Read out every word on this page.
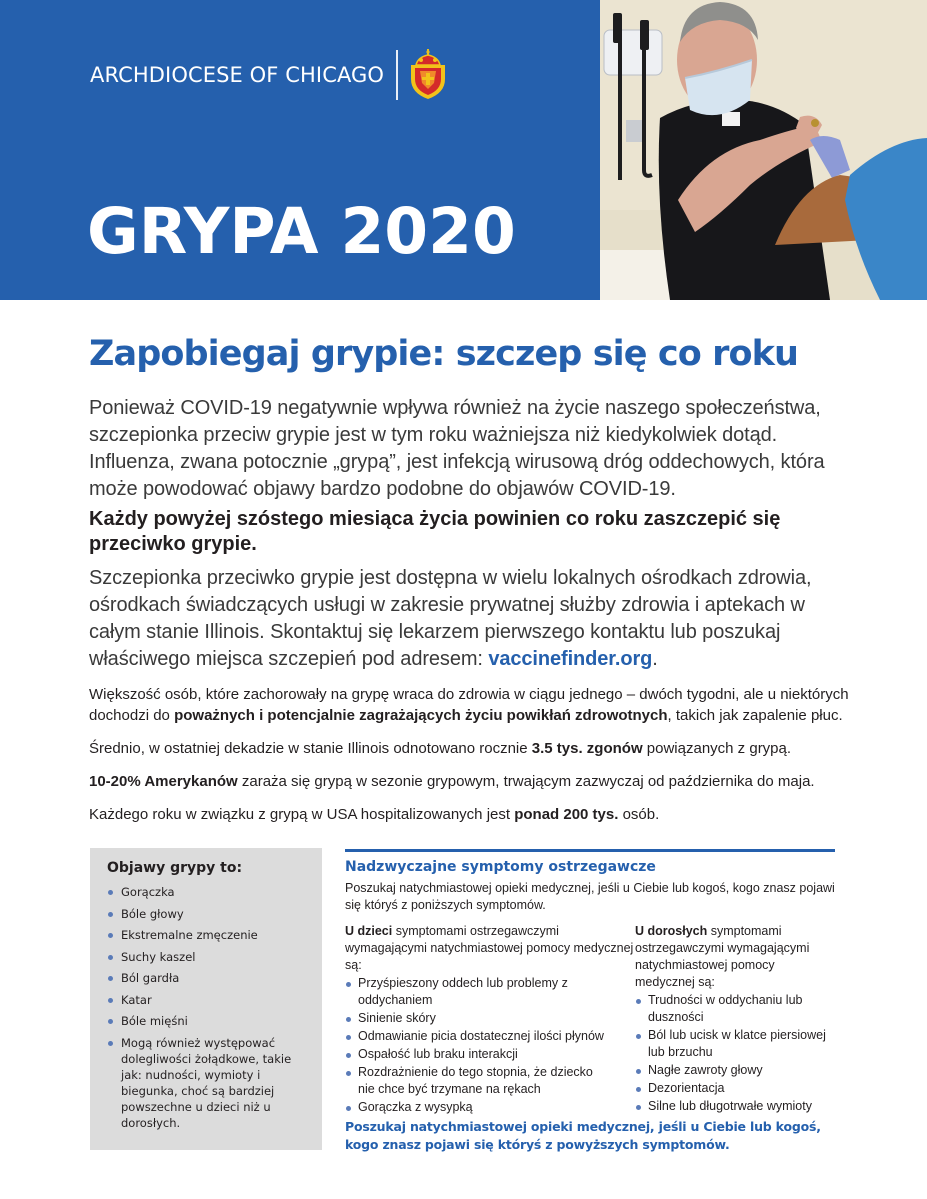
ARCHDIOCESE OF CHICAGO
GRYPA 2020
Zapobiegaj grypie: szczep się co roku

Ponieważ COVID-19 negatywnie wpływa również na życie naszego społeczeństwa, szczepionka przeciw grypie jest w tym roku ważniejsza niż kiedykolwiek dotąd. Influenza, zwana potocznie „grypą”, jest infekcją wirusową dróg oddechowych, która może powodować objawy bardzo podobne do objawów COVID-19.

Każdy powyżej szóstego miesiąca życia powinien co roku zaszczepić się przeciwko grypie.

Szczepionka przeciwko grypie jest dostępna w wielu lokalnych ośrodkach zdrowia, ośrodkach świadczących usługi w zakresie prywatnej służby zdrowia i aptekach w całym stanie Illinois. Skontaktuj się lekarzem pierwszego kontaktu lub poszukaj właściwego miejsca szczepień pod adresem: vaccinefinder.org.

Większość osób, które zachorowały na grypę wraca do zdrowia w ciągu jednego – dwóch tygodni, ale u niektórych dochodzi do poważnych i potencjalnie zagrażających życiu powikłań zdrowotnych, takich jak zapalenie płuc.

Średnio, w ostatniej dekadzie w stanie Illinois odnotowano rocznie 3.5 tys. zgonów powiązanych z grypą.

10-20% Amerykanów zaraża się grypą w sezonie grypowym, trwającym zazwyczaj od października do maja.

Każdego roku w związku z grypą w USA hospitalizowanych jest ponad 200 tys. osób.

Objawy grypy to:
Gorączka
Bóle głowy
Ekstremalne zmęczenie
Suchy kaszel
Ból gardła
Katar
Bóle mięśni
Mogą również występować dolegliwości żołądkowe, takie jak: nudności, wymioty i biegunka, choć są bardziej powszechne u dzieci niż u dorosłych.
Nadzwyczajne symptomy ostrzegawcze

Poszukaj natychmiastowej opieki medycznej, jeśli u Ciebie lub kogoś, kogo znasz pojawi się któryś z poniższych symptomów.

U dzieci symptomami ostrzegawczymi wymagającymi natychmiastowej pomocy medycznej są:

Przyśpieszony oddech lub problemy z oddychaniem
Sinienie skóry
Odmawianie picia dostatecznej ilości płynów
Ospałość lub braku interakcji
Rozdrażnienie do tego stopnia, że dziecko nie chce być trzymane na rękach
Gorączka z wysypką

U dorosłych symptomami ostrzegawczymi wymagającymi natychmiastowej pomocy medycznej są:

Trudności w oddychaniu lub duszności
Ból lub ucisk w klatce piersiowej lub brzuchu
Nagłe zawroty głowy
Dezorientacja
Silne lub długotrwałe wymioty

Poszukaj natychmiastowej opieki medycznej, jeśli u Ciebie lub kogoś, kogo znasz pojawi się któryś z powyższych symptomów.
